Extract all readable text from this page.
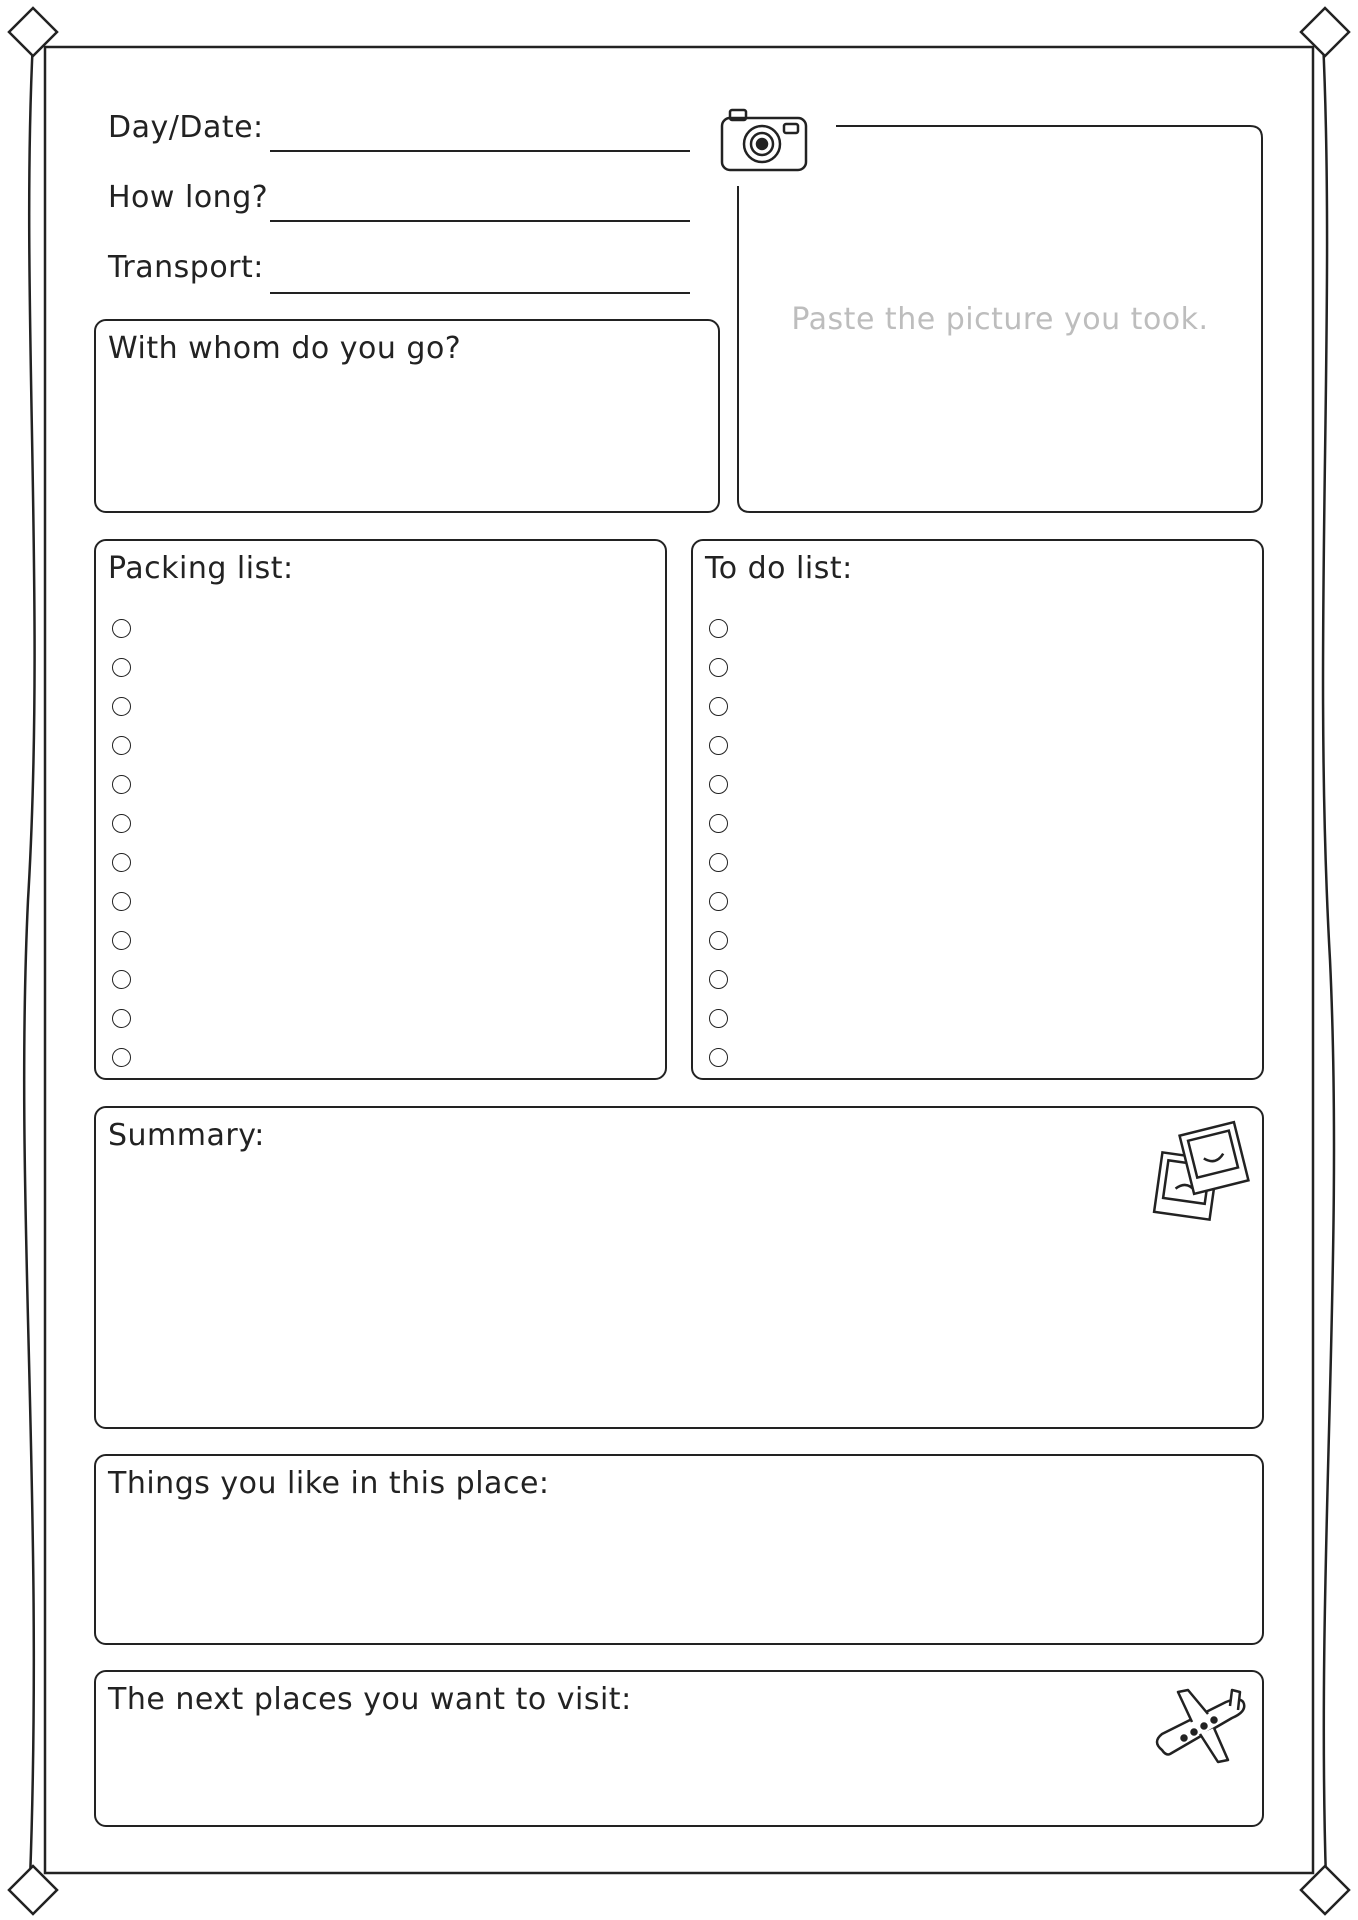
Day/Date:
How long?
Transport:
With whom do you go?
Paste the picture you took.
Packing list:	To do list:
Summary:
Things you like in this place:
The next places you want to visit:
